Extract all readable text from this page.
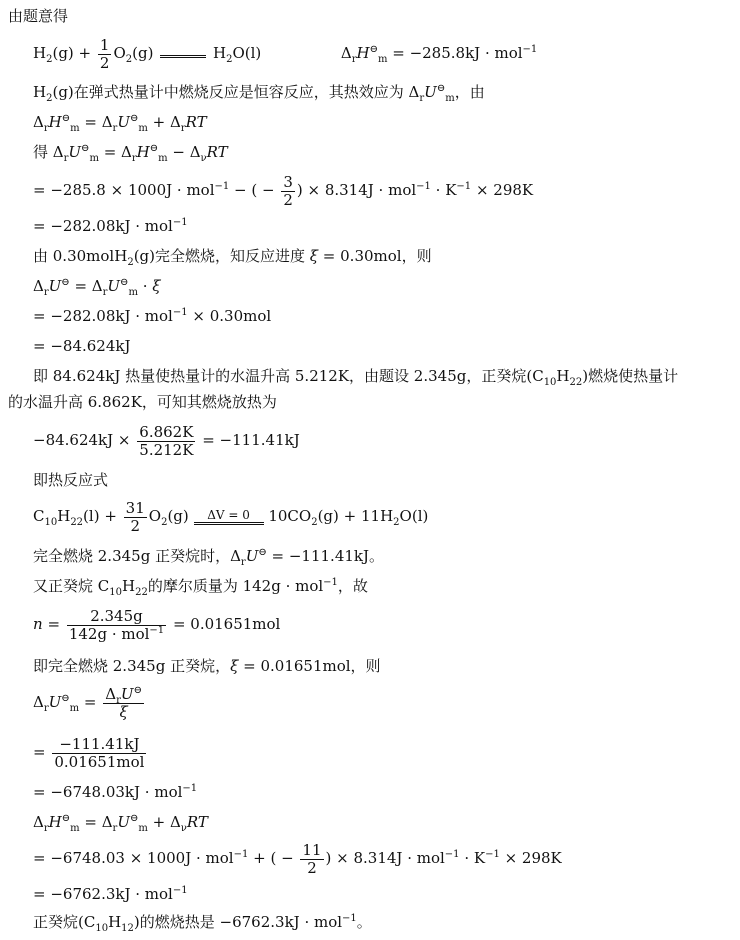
由题意得
$H_2(g) + \frac{1}{2} O_2(g)$	$H_2O(l)$	$\Delta_rH^⊖_m = -285.8kJ \cdot mol^{-1}$
$H_2(g)$在弹式热量计中燃烧反应是恒容反应，其热效应为 $\Delta_rU^⊖_m$，由
$\Delta_rH^⊖_m = \Delta_rU^⊖_m + \Delta_rRT$
得 $\Delta_rU^⊖_m = \Delta_rH^⊖_m - \Delta_\nu RT$
= −285.8 × 1000J · mol$^{-1}$ − ( − $\frac{3}{2}$ ) × $8.314J \cdot mol^{-1} \cdot K^{-1} \times 298K$
= −282.08kJ · mol$^{-1}$
由 0.30molH$_2$(g)完全燃烧，知反应进度 ξ = 0.30mol，则
$\Delta_rU^⊖ = \Delta_rU^⊖_m \cdot \xi$
= −282.08kJ · mol$^{-1}$ × 0.30mol
= −84.624kJ
即 84.624kJ 热量使热量计的水温升高 5.212K，由题设 2.345g，正癸烷$(C_{10}H_{22})$燃烧使热量计
的水温升高 6.862K，可知其燃烧放热为
$-84.624kJ \times \frac{6.862K}{5.212K} = -111.41kJ$
即热反应式
$C_{10}H_{22}(l) + \frac{31}{2} O_2(g)$	ΔV = 0	$10CO_2(g) + 11H_2O(l)$
完全燃烧 2.345g 正癸烷时，$\Delta_rU^⊖ = -111.41kJ$。
又正癸烷 $C_{10}H_{22}$的摩尔质量为 142g · mol$^{-1}$，故
$n = \frac{2.345g}{142g \cdot mol^{-1}} = 0.01651mol$
即完全燃烧 2.345g 正癸烷，ξ = 0.01651mol，则
$\Delta_rU^⊖_m = \frac{\Delta_rU^⊖}{\xi}$
= $\frac{-111.41kJ}{\text{0.01651mol}}$
= −6748.03kJ · mol$^{-1}$
$\Delta_rH^⊖_m = \Delta_rU^⊖_m + \Delta_\nu RT$
= −6748.03 × 1000J · mol$^{-1}$ + ( − $\frac{11}{2}$ ) × $8.314J \cdot mol^{-1} \cdot K^{-1} \times 298K$
= −6762.3kJ · mol$^{-1}$
正癸烷$(C_{10}H_{12})$的燃烧热是 −6762.3kJ · mol$^{-1}$。
